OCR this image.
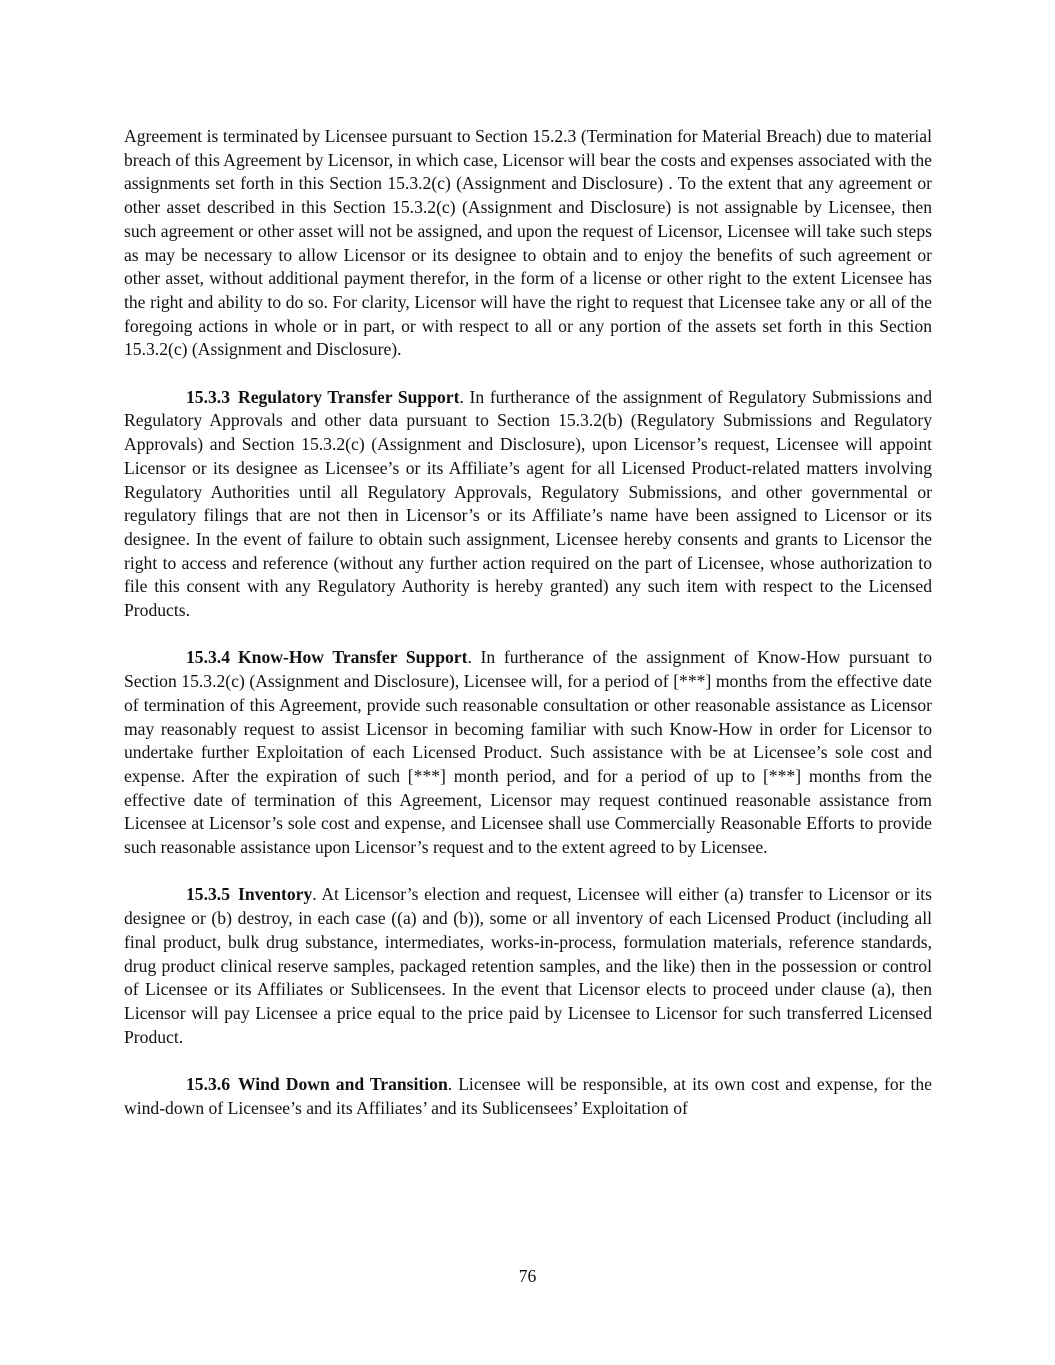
Agreement is terminated by Licensee pursuant to Section 15.2.3 (Termination for Material Breach) due to material breach of this Agreement by Licensor, in which case, Licensor will bear the costs and expenses associated with the assignments set forth in this Section 15.3.2(c) (Assignment and Disclosure) . To the extent that any agreement or other asset described in this Section 15.3.2(c) (Assignment and Disclosure) is not assignable by Licensee, then such agreement or other asset will not be assigned, and upon the request of Licensor, Licensee will take such steps as may be necessary to allow Licensor or its designee to obtain and to enjoy the benefits of such agreement or other asset, without additional payment therefor, in the form of a license or other right to the extent Licensee has the right and ability to do so. For clarity, Licensor will have the right to request that Licensee take any or all of the foregoing actions in whole or in part, or with respect to all or any portion of the assets set forth in this Section 15.3.2(c) (Assignment and Disclosure).

15.3.3 Regulatory Transfer Support. In furtherance of the assignment of Regulatory Submissions and Regulatory Approvals and other data pursuant to Section 15.3.2(b) (Regulatory Submissions and Regulatory Approvals) and Section 15.3.2(c) (Assignment and Disclosure), upon Licensor’s request, Licensee will appoint Licensor or its designee as Licensee’s or its Affiliate’s agent for all Licensed Product-related matters involving Regulatory Authorities until all Regulatory Approvals, Regulatory Submissions, and other governmental or regulatory filings that are not then in Licensor’s or its Affiliate’s name have been assigned to Licensor or its designee. In the event of failure to obtain such assignment, Licensee hereby consents and grants to Licensor the right to access and reference (without any further action required on the part of Licensee, whose authorization to file this consent with any Regulatory Authority is hereby granted) any such item with respect to the Licensed Products.

15.3.4 Know-How Transfer Support. In furtherance of the assignment of Know-How pursuant to Section 15.3.2(c) (Assignment and Disclosure), Licensee will, for a period of [***] months from the effective date of termination of this Agreement, provide such reasonable consultation or other reasonable assistance as Licensor may reasonably request to assist Licensor in becoming familiar with such Know-How in order for Licensor to undertake further Exploitation of each Licensed Product. Such assistance with be at Licensee’s sole cost and expense. After the expiration of such [***] month period, and for a period of up to [***] months from the effective date of termination of this Agreement, Licensor may request continued reasonable assistance from Licensee at Licensor’s sole cost and expense, and Licensee shall use Commercially Reasonable Efforts to provide such reasonable assistance upon Licensor’s request and to the extent agreed to by Licensee.

15.3.5 Inventory. At Licensor’s election and request, Licensee will either (a) transfer to Licensor or its designee or (b) destroy, in each case ((a) and (b)), some or all inventory of each Licensed Product (including all final product, bulk drug substance, intermediates, works-in-process, formulation materials, reference standards, drug product clinical reserve samples, packaged retention samples, and the like) then in the possession or control of Licensee or its Affiliates or Sublicensees. In the event that Licensor elects to proceed under clause (a), then Licensor will pay Licensee a price equal to the price paid by Licensee to Licensor for such transferred Licensed Product.

15.3.6 Wind Down and Transition. Licensee will be responsible, at its own cost and expense, for the wind-down of Licensee’s and its Affiliates’ and its Sublicensees’ Exploitation of

76
